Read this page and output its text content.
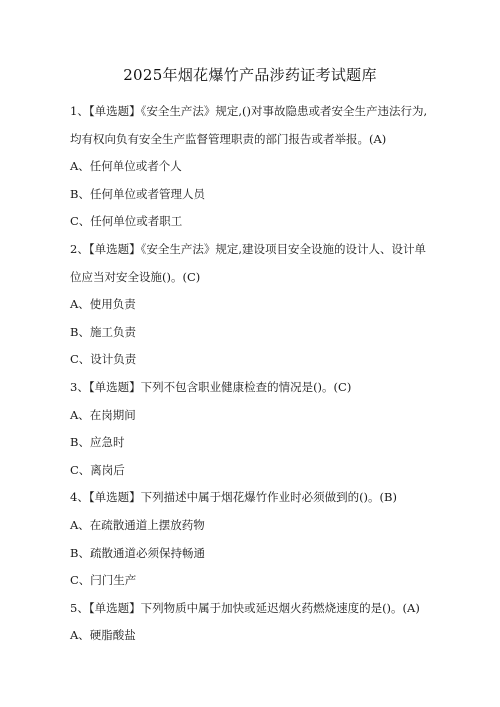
2025年烟花爆竹产品涉药证考试题库
1、【单选题】《安全生产法》规定,()对事故隐患或者安全生产违法行为,
均有权向负有安全生产监督管理职责的部门报告或者举报。(A)
A、任何单位或者个人
B、任何单位或者管理人员
C、任何单位或者职工
2、【单选题】《安全生产法》规定,建设项目安全设施的设计人、设计单
位应当对安全设施()。(C)
A、使用负责
B、施工负责
C、设计负责
3、【单选题】下列不包含职业健康检查的情况是()。(C)
A、在岗期间
B、应急时
C、离岗后
4、【单选题】下列描述中属于烟花爆竹作业时必须做到的()。(B)
A、在疏散通道上摆放药物
B、疏散通道必须保持畅通
C、闩门生产
5、【单选题】下列物质中属于加快或延迟烟火药燃烧速度的是()。(A)
A、硬脂酸盐
